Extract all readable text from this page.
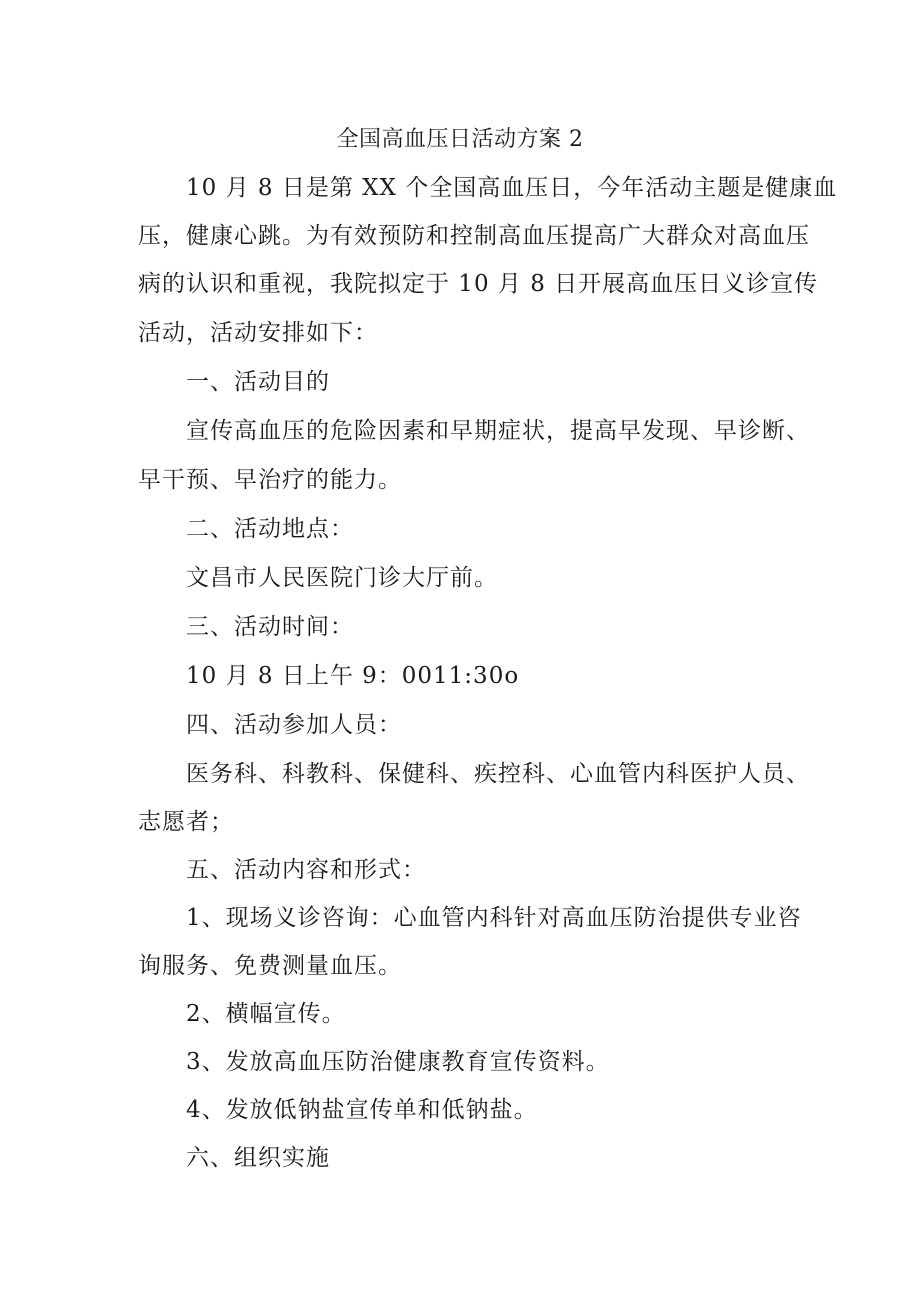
全国高血压日活动方案 2
10 月 8 日是第 XX 个全国高血压日，今年活动主题是健康血
压，健康心跳。为有效预防和控制高血压提高广大群众对高血压
病的认识和重视，我院拟定于 10 月 8 日开展高血压日义诊宣传
活动，活动安排如下：
一、活动目的
宣传高血压的危险因素和早期症状，提高早发现、早诊断、
早干预、早治疗的能力。
二、活动地点：
文昌市人民医院门诊大厅前。
三、活动时间：
10 月 8 日上午 9：0011:30o
四、活动参加人员：
医务科、科教科、保健科、疾控科、心血管内科医护人员、
志愿者；
五、活动内容和形式：
1、现场义诊咨询：心血管内科针对高血压防治提供专业咨
询服务、免费测量血压。
2、横幅宣传。
3、发放高血压防治健康教育宣传资料。
4、发放低钠盐宣传单和低钠盐。
六、组织实施
